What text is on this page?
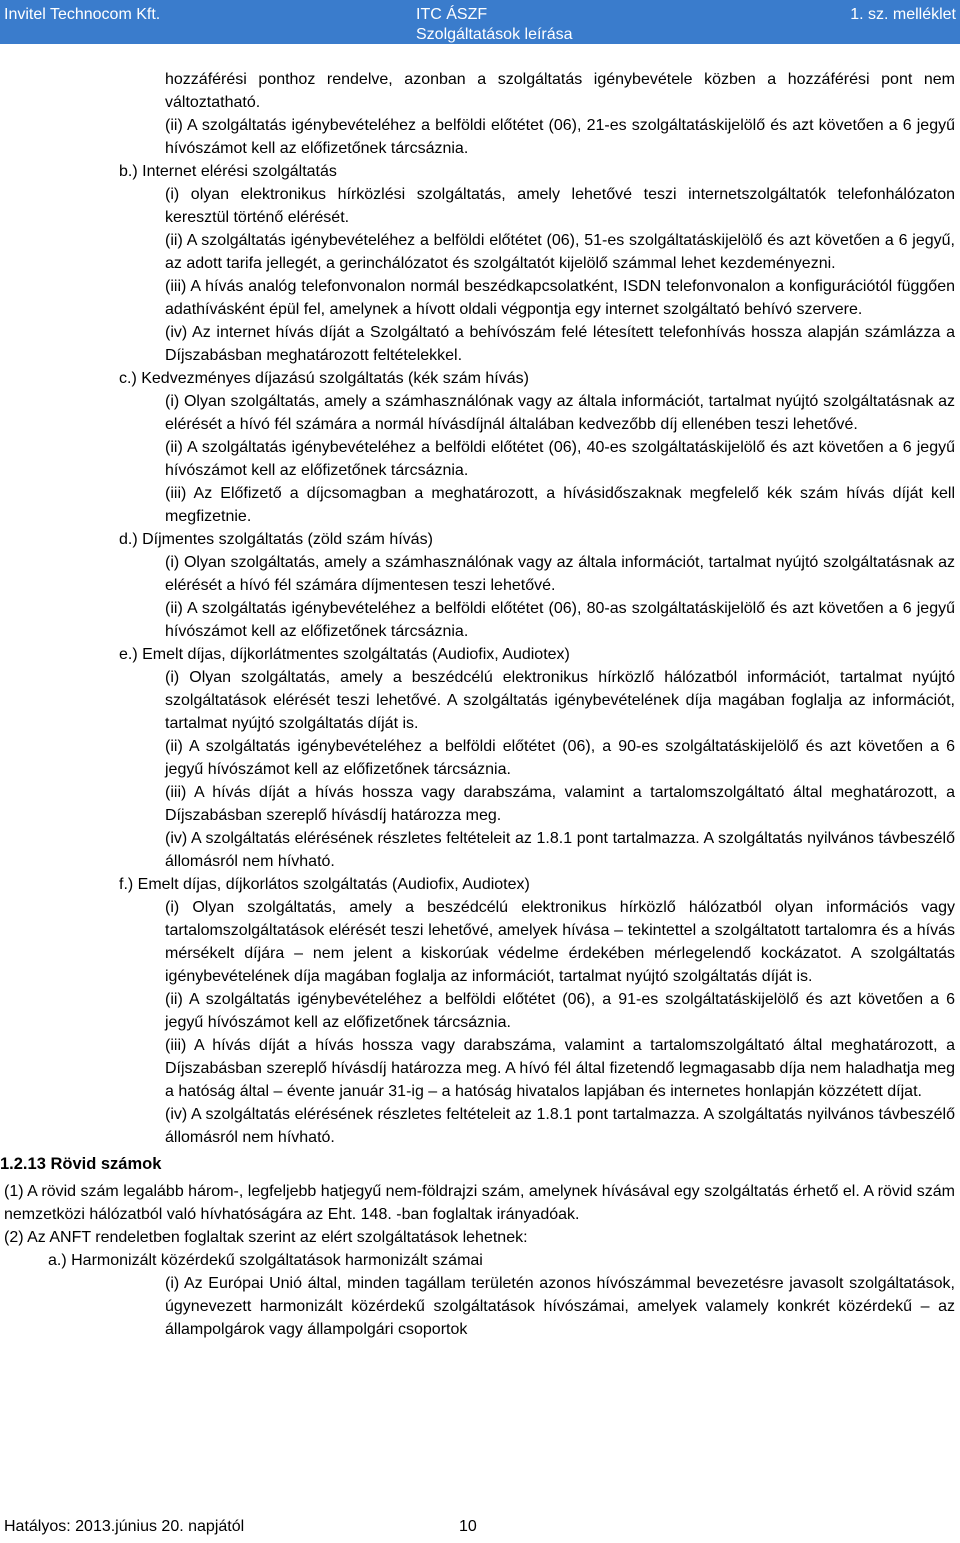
Invitel Technocom Kft.	ITC ÁSZF
Szolgáltatások leírása
1. sz. melléklet

hozzáférési ponthoz rendelve, azonban a szolgáltatás igénybevétele közben a hozzáférési pont nem változtatható.

(ii) A szolgáltatás igénybevételéhez a belföldi előtétet (06), 21-es szolgáltatáskijelölő és azt követően a 6 jegyű hívószámot kell az előfizetőnek tárcsáznia.

b.) Internet elérési szolgáltatás

(i) olyan elektronikus hírközlési szolgáltatás, amely lehetővé teszi internetszolgáltatók telefonhálózaton keresztül történő elérését.

(ii) A szolgáltatás igénybevételéhez a belföldi előtétet (06), 51-es szolgáltatáskijelölő és azt követően a 6 jegyű, az adott tarifa jellegét, a gerinchálózatot és szolgáltatót kijelölő számmal lehet kezdeményezni.

(iii) A hívás analóg telefonvonalon normál beszédkapcsolatként, ISDN telefonvonalon a konfigurációtól függően adathívásként épül fel, amelynek a hívott oldali végpontja egy internet szolgáltató behívó szervere.

(iv) Az internet hívás díját a Szolgáltató a behívószám felé létesített telefonhívás hossza alapján számlázza a Díjszabásban meghatározott feltételekkel.

c.) Kedvezményes díjazású szolgáltatás (kék szám hívás)

(i) Olyan szolgáltatás, amely a számhasználónak vagy az általa információt, tartalmat nyújtó szolgáltatásnak az elérését a hívó fél számára a normál hívásdíjnál általában kedvezőbb díj ellenében teszi lehetővé.

(ii) A szolgáltatás igénybevételéhez a belföldi előtétet (06), 40-es szolgáltatáskijelölő és azt követően a 6 jegyű hívószámot kell az előfizetőnek tárcsáznia.

(iii) Az Előfizető a díjcsomagban a meghatározott, a hívásidőszaknak megfelelő kék szám hívás díját kell megfizetnie.

d.) Díjmentes szolgáltatás (zöld szám hívás)

(i) Olyan szolgáltatás, amely a számhasználónak vagy az általa információt, tartalmat nyújtó szolgáltatásnak az elérését a hívó fél számára díjmentesen teszi lehetővé.

(ii) A szolgáltatás igénybevételéhez a belföldi előtétet (06), 80-as szolgáltatáskijelölő és azt követően a 6 jegyű hívószámot kell az előfizetőnek tárcsáznia.

e.) Emelt díjas, díjkorlátmentes szolgáltatás (Audiofix, Audiotex)

(i) Olyan szolgáltatás, amely a beszédcélú elektronikus hírközlő hálózatból információt, tartalmat nyújtó szolgáltatások elérését teszi lehetővé. A szolgáltatás igénybevételének díja magában foglalja az információt, tartalmat nyújtó szolgáltatás díját is.

(ii) A szolgáltatás igénybevételéhez a belföldi előtétet (06), a 90-es szolgáltatáskijelölő és azt követően a 6 jegyű hívószámot kell az előfizetőnek tárcsáznia.

(iii) A hívás díját a hívás hossza vagy darabszáma, valamint a tartalomszolgáltató által meghatározott, a Díjszabásban szereplő hívásdíj határozza meg.

(iv) A szolgáltatás elérésének részletes feltételeit az 1.8.1 pont tartalmazza. A szolgáltatás nyilvános távbeszélő állomásról nem hívható.

f.) Emelt díjas, díjkorlátos szolgáltatás (Audiofix, Audiotex)

(i) Olyan szolgáltatás, amely a beszédcélú elektronikus hírközlő hálózatból olyan információs vagy tartalomszolgáltatások elérését teszi lehetővé, amelyek hívása – tekintettel a szolgáltatott tartalomra és a hívás mérsékelt díjára – nem jelent a kiskorúak védelme érdekében mérlegelendő kockázatot. A szolgáltatás igénybevételének díja magában foglalja az információt, tartalmat nyújtó szolgáltatás díját is.

(ii) A szolgáltatás igénybevételéhez a belföldi előtétet (06), a 91-es szolgáltatáskijelölő és azt követően a 6 jegyű hívószámot kell az előfizetőnek tárcsáznia.

(iii) A hívás díját a hívás hossza vagy darabszáma, valamint a tartalomszolgáltató által meghatározott, a Díjszabásban szereplő hívásdíj határozza meg. A hívó fél által fizetendő legmagasabb díja nem haladhatja meg a hatóság által – évente január 31-ig – a hatóság hivatalos lapjában és internetes honlapján közzétett díjat.

(iv) A szolgáltatás elérésének részletes feltételeit az 1.8.1 pont tartalmazza. A szolgáltatás nyilvános távbeszélő állomásról nem hívható.

1.2.13 Rövid számok

(1) A rövid szám legalább három-, legfeljebb hatjegyű nem-földrajzi szám, amelynek hívásával egy szolgáltatás érhető el. A rövid szám nemzetközi hálózatból való hívhatóságára az Eht. 148. -ban foglaltak irányadóak.

(2) Az ANFT rendeletben foglaltak szerint az elért szolgáltatások lehetnek:

a.) Harmonizált közérdekű szolgáltatások harmonizált számai

(i) Az Európai Unió által, minden tagállam területén azonos hívószámmal bevezetésre javasolt szolgáltatások, úgynevezett harmonizált közérdekű szolgáltatások hívószámai, amelyek valamely konkrét közérdekű – az állampolgárok vagy állampolgári csoportok

Hatályos: 2013.június 20. napjától	10
